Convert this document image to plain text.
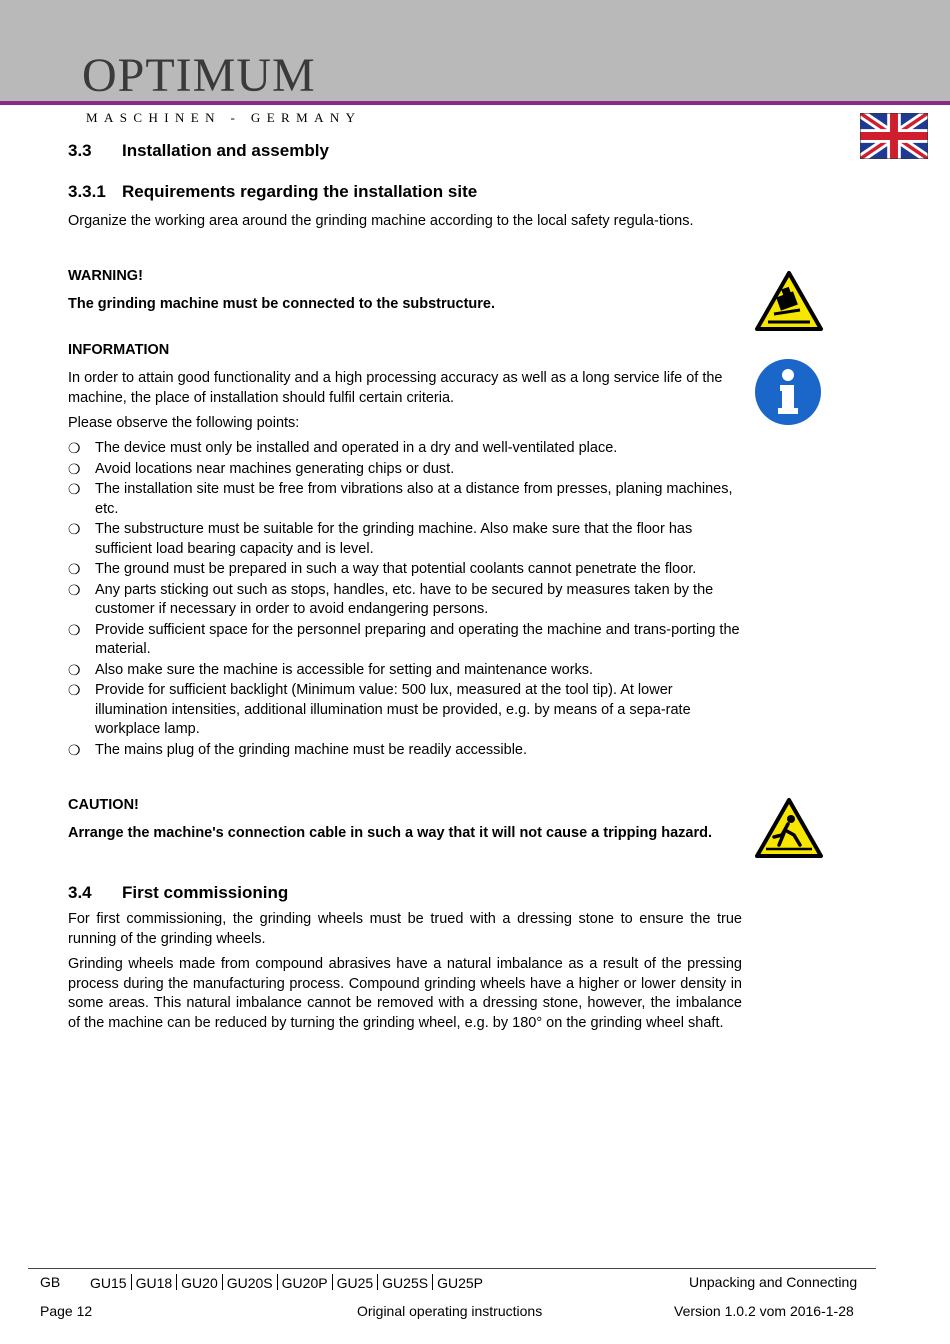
OPTIMUM
MASCHINEN - GERMANY
3.3 Installation and assembly
3.3.1 Requirements regarding the installation site

Organize the working area around the grinding machine according to the local safety regula-tions.

WARNING!

The grinding machine must be connected to the substructure.

INFORMATION

In order to attain good functionality and a high processing accuracy as well as a long service life of the machine, the place of installation should fulfil certain criteria.

Please observe the following points:

❍ The device must only be installed and operated in a dry and well-ventilated place.
❍ Avoid locations near machines generating chips or dust.
❍ The installation site must be free from vibrations also at a distance from presses, planing machines, etc.
❍ The substructure must be suitable for the grinding machine. Also make sure that the floor has sufficient load bearing capacity and is level.
❍ The ground must be prepared in such a way that potential coolants cannot penetrate the floor.
❍ Any parts sticking out such as stops, handles, etc. have to be secured by measures taken by the customer if necessary in order to avoid endangering persons.
❍ Provide sufficient space for the personnel preparing and operating the machine and trans-porting the material.
❍ Also make sure the machine is accessible for setting and maintenance works.
❍ Provide for sufficient backlight (Minimum value: 500 lux, measured at the tool tip). At lower illumination intensities, additional illumination must be provided, e.g. by means of a sepa-rate workplace lamp.
❍ The mains plug of the grinding machine must be readily accessible.

CAUTION!

Arrange the machine's connection cable in such a way that it will not cause a tripping hazard.

3.4 First commissioning

For first commissioning, the grinding wheels must be trued with a dressing stone to ensure the true running of the grinding wheels.

Grinding wheels made from compound abrasives have a natural imbalance as a result of the pressing process during the manufacturing process. Compound grinding wheels have a higher or lower density in some areas. This natural imbalance cannot be removed with a dressing stone, however, the imbalance of the machine can be reduced by turning the grinding wheel, e.g. by 180° on the grinding wheel shaft.

GB GU15 GU18 GU20 GU20S GU20P GU25 GU25S GU25P	Unpacking and Connecting
Page 12	Original operating instructions	Version 1.0.2 vom 2016-1-28
